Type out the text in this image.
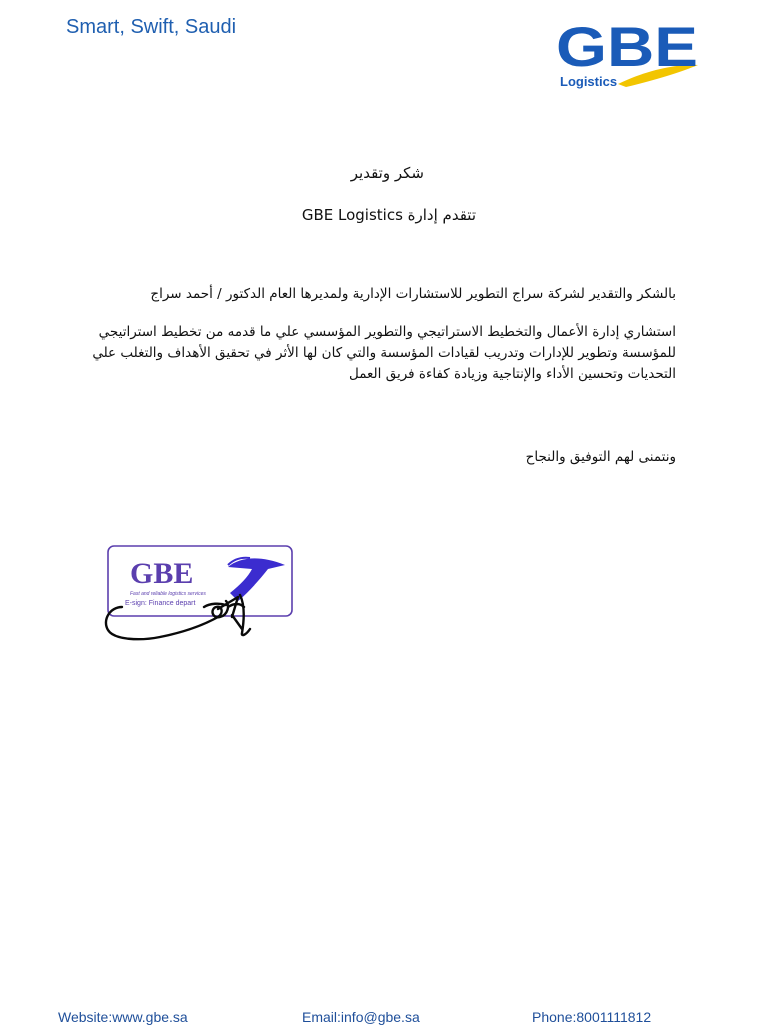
Smart, Swift, Saudi	GBE
Logistics
شكر وتقدير
تتقدم إدارة GBE Logistics
بالشكر والتقدير لشركة سراج التطوير للاستشارات الإدارية ولمديرها العام الدكتور / أحمد سراج
استشاري إدارة الأعمال والتخطيط الاستراتيجي والتطوير المؤسسي علي ما قدمه من تخطيط استراتيجي للمؤسسة وتطوير للإدارات وتدريب لقيادات المؤسسة والتي كان لها الأثر في تحقيق الأهداف والتغلب علي التحديات وتحسين الأداء والإنتاجية وزيادة كفاءة فريق العمل
ونتمنى لهم التوفيق والنجاح
GBE
Fast and reliable logistics services
E-sign: Finance depart
Website:
www.gbe.sa	Email:
info@gbe.sa	Phone:
8001111812
